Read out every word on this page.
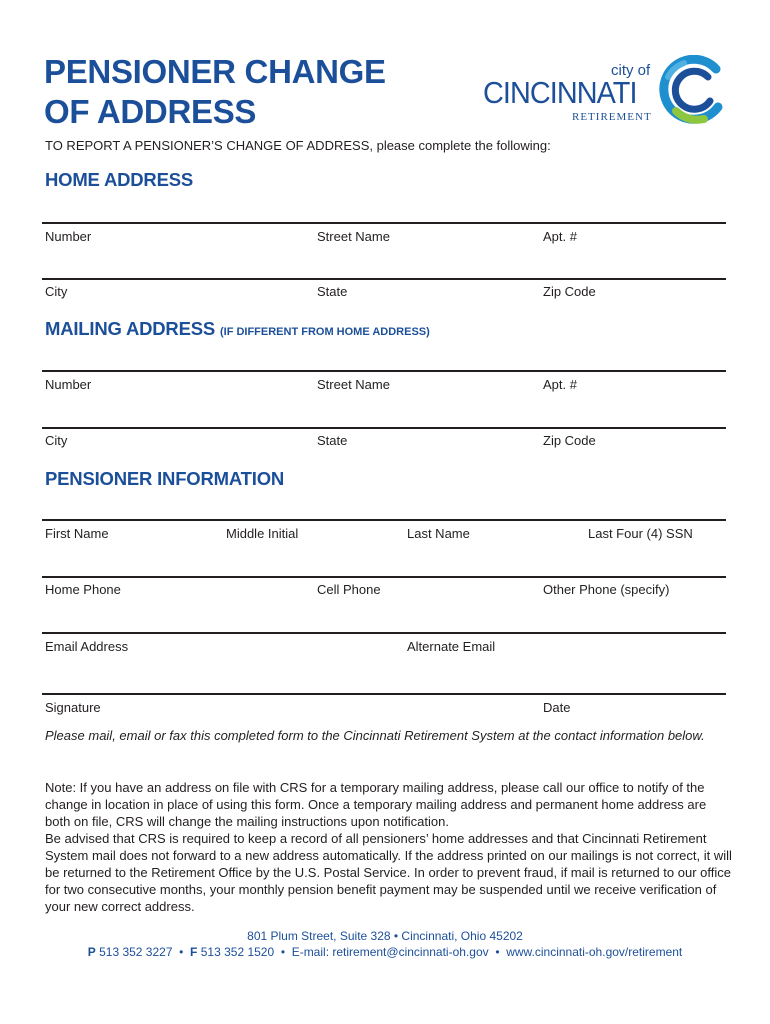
PENSIONER CHANGE
OF ADDRESS
city of
CINCINNATI
RETIREMENT
TO REPORT A PENSIONER’S CHANGE OF ADDRESS, please complete the following:
HOME ADDRESS
Number	Street Name	Apt. #
City	State	Zip Code
MAILING ADDRESS (IF DIFFERENT FROM HOME ADDRESS)
Number	Street Name	Apt. #
City	State	Zip Code
PENSIONER INFORMATION
First Name	Middle Initial	Last Name	Last Four (4) SSN
Home Phone	Cell Phone	Other Phone (specify)
Email Address	Alternate Email
Signature	Date
Please mail, email or fax this completed form to the Cincinnati Retirement System at the contact information below.

Note: If you have an address on file with CRS for a temporary mailing address, please call our office to notify of the change in location in place of using this form. Once a temporary mailing address and permanent home address are both on file, CRS will change the mailing instructions upon notification.

Be advised that CRS is required to keep a record of all pensioners’ home addresses and that Cincinnati Retirement System mail does not forward to a new address automatically. If the address printed on our mailings is not correct, it will be returned to the Retirement Office by the U.S. Postal Service. In order to prevent fraud, if mail is returned to our office for two consecutive months, your monthly pension benefit payment may be suspended until we receive verification of your new correct address.

801 Plum Street, Suite 328 • Cincinnati, Ohio 45202
P 513 352 3227 • F 513 352 1520 • E-mail: retirement@cincinnati-oh.gov • www.cincinnati-oh.gov/retirement
